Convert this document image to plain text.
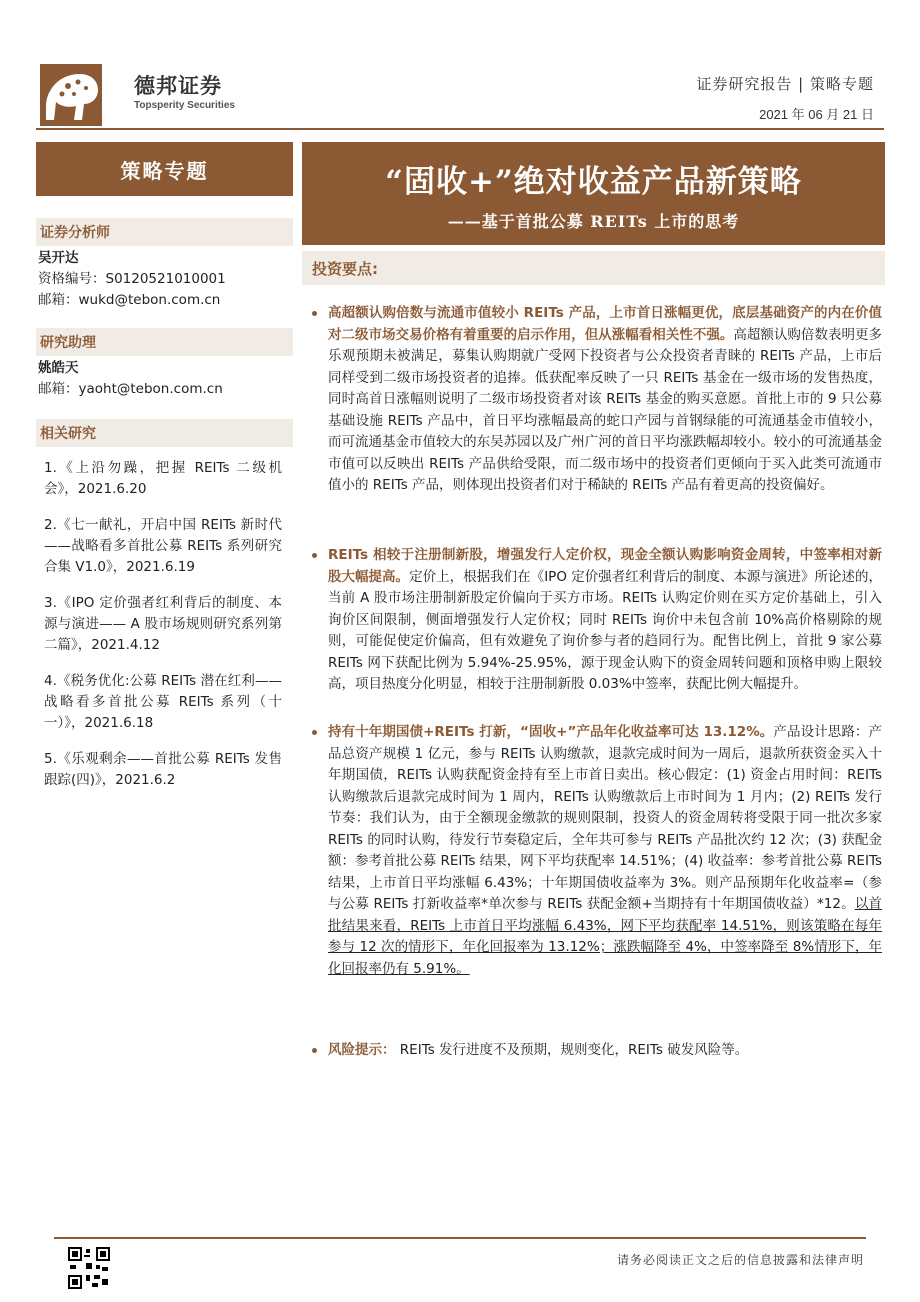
德邦证券
Topsperity Securities
证券研究报告 | 策略专题
2021 年 06 月 21 日
策略专题
证券分析师
吴开达
资格编号：S0120521010001
邮箱：wukd@tebon.com.cn
研究助理
姚皓天
邮箱：yaoht@tebon.com.cn
相关研究
1.《上沿勿躁，把握 REITs 二级机会》，2021.6.20
2.《七一献礼，开启中国 REITs 新时代——战略看多首批公募 REITs 系列研究合集 V1.0》，2021.6.19
3.《IPO 定价强者红利背后的制度、本源与演进—— A 股市场规则研究系列第二篇》，2021.4.12
4.《税务优化:公募 REITs 潜在红利——战略看多首批公募 REITs 系列（十一）》，2021.6.18
5.《乐观剩余——首批公募 REITs 发售跟踪(四)》，2021.6.2
“固收+”绝对收益产品新策略
——基于首批公募 REITs 上市的思考
投资要点:
高超额认购倍数与流通市值较小 REITs 产品，上市首日涨幅更优，底层基础资产的内在价值对二级市场交易价格有着重要的启示作用，但从涨幅看相关性不强。高超额认购倍数表明更多乐观预期未被满足，募集认购期就广受网下投资者与公众投资者青睐的 REITs 产品，上市后同样受到二级市场投资者的追捧。低获配率反映了一只 REITs 基金在一级市场的发售热度，同时高首日涨幅则说明了二级市场投资者对该 REITs 基金的购买意愿。首批上市的 9 只公募基础设施 REITs 产品中，首日平均涨幅最高的蛇口产园与首钢绿能的可流通基金市值较小，而可流通基金市值较大的东吴苏园以及广州广河的首日平均涨跌幅却较小。较小的可流通基金市值可以反映出 REITs 产品供给受限，而二级市场中的投资者们更倾向于买入此类可流通市值小的 REITs 产品，则体现出投资者们对于稀缺的 REITs 产品有着更高的投资偏好。
REITs 相较于注册制新股，增强发行人定价权，现金全额认购影响资金周转，中签率相对新股大幅提高。定价上，根据我们在《IPO 定价强者红利背后的制度、本源与演进》所论述的，当前 A 股市场注册制新股定价偏向于买方市场。REITs 认购定价则在买方定价基础上，引入询价区间限制，侧面增强发行人定价权；同时 REITs 询价中未包含前 10%高价格剔除的规则，可能促使定价偏高，但有效避免了询价参与者的趋同行为。配售比例上，首批 9 家公募 REITs 网下获配比例为 5.94%-25.95%，源于现金认购下的资金周转问题和顶格申购上限较高，项目热度分化明显，相较于注册制新股 0.03%中签率，获配比例大幅提升。
持有十年期国债+REITs 打新，“固收+”产品年化收益率可达 13.12%。产品设计思路：产品总资产规模 1 亿元，参与 REITs 认购缴款，退款完成时间为一周后，退款所获资金买入十年期国债，REITs 认购获配资金持有至上市首日卖出。核心假定：(1) 资金占用时间：REITs 认购缴款后退款完成时间为 1 周内，REITs 认购缴款后上市时间为 1 月内；(2) REITs 发行节奏：我们认为，由于全额现金缴款的规则限制，投资人的资金周转将受限于同一批次多家 REITs 的同时认购，待发行节奏稳定后，全年共可参与 REITs 产品批次约 12 次；(3) 获配金额：参考首批公募 REITs 结果，网下平均获配率 14.51%；(4) 收益率：参考首批公募 REITs 结果，上市首日平均涨幅 6.43%；十年期国债收益率为 3%。则产品预期年化收益率=（参与公募 REITs 打新收益率*单次参与 REITs 获配金额+当期持有十年期国债收益）*12。以首批结果来看，REITs 上市首日平均涨幅 6.43%，网下平均获配率 14.51%，则该策略在每年参与 12 次的情形下，年化回报率为 13.12%；涨跌幅降至 4%，中签率降至 8%情形下，年化回报率仍有 5.91%。
风险提示： REITs 发行进度不及预期，规则变化，REITs 破发风险等。
请务必阅读正文之后的信息披露和法律声明
